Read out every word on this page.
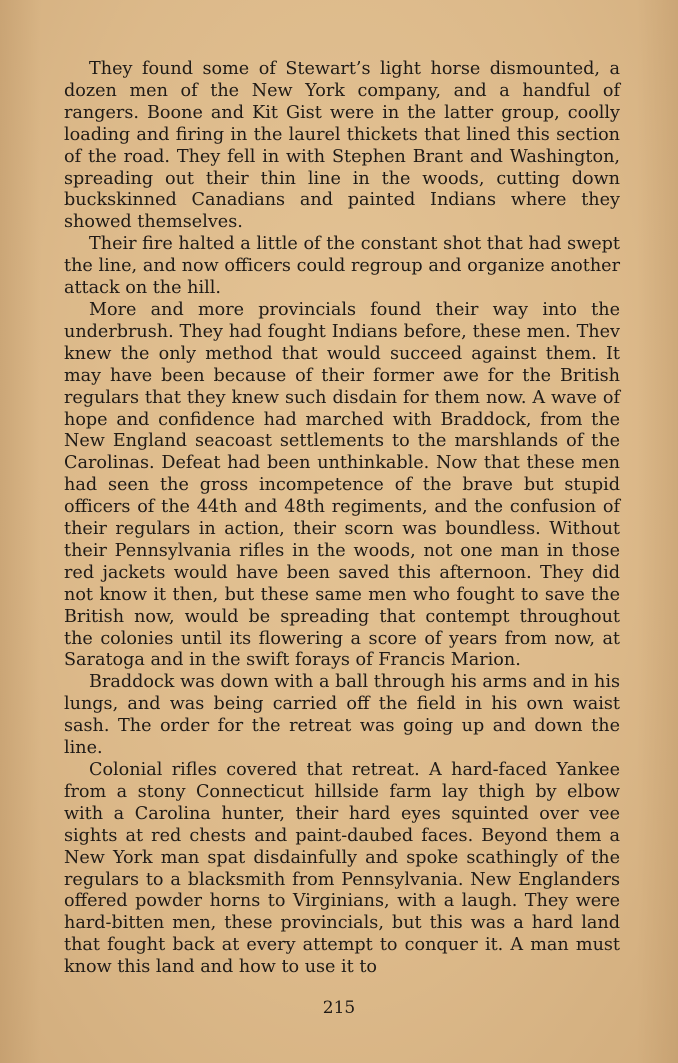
They found some of Stewart’s light horse dismounted, a dozen men of the New York company, and a handful of rangers. Boone and Kit Gist were in the latter group, coolly loading and firing in the laurel thickets that lined this section of the road. They fell in with Stephen Brant and Washington, spreading out their thin line in the woods, cutting down buckskinned Canadians and painted Indians where they showed themselves.

Their fire halted a little of the constant shot that had swept the line, and now officers could regroup and organize another attack on the hill.

More and more provincials found their way into the underbrush. They had fought Indians before, these men. Thev knew the only method that would succeed against them. It may have been because of their former awe for the British regulars that they knew such disdain for them now. A wave of hope and confidence had marched with Braddock, from the New England seacoast settlements to the marshlands of the Carolinas. Defeat had been unthinkable. Now that these men had seen the gross incompetence of the brave but stupid officers of the 44th and 48th regiments, and the confusion of their regulars in action, their scorn was boundless. Without their Pennsylvania rifles in the woods, not one man in those red jackets would have been saved this afternoon. They did not know it then, but these same men who fought to save the British now, would be spreading that contempt throughout the colonies until its flowering a score of years from now, at Saratoga and in the swift forays of Francis Marion.

Braddock was down with a ball through his arms and in his lungs, and was being carried off the field in his own waist sash. The order for the retreat was going up and down the line.

Colonial rifles covered that retreat. A hard-faced Yankee from a stony Connecticut hillside farm lay thigh by elbow with a Carolina hunter, their hard eyes squinted over vee sights at red chests and paint-daubed faces. Beyond them a New York man spat disdainfully and spoke scathingly of the regulars to a blacksmith from Pennsylvania. New Englanders offered powder horns to Virginians, with a laugh. They were hard-bitten men, these provincials, but this was a hard land that fought back at every attempt to conquer it. A man must know this land and how to use it to

215
